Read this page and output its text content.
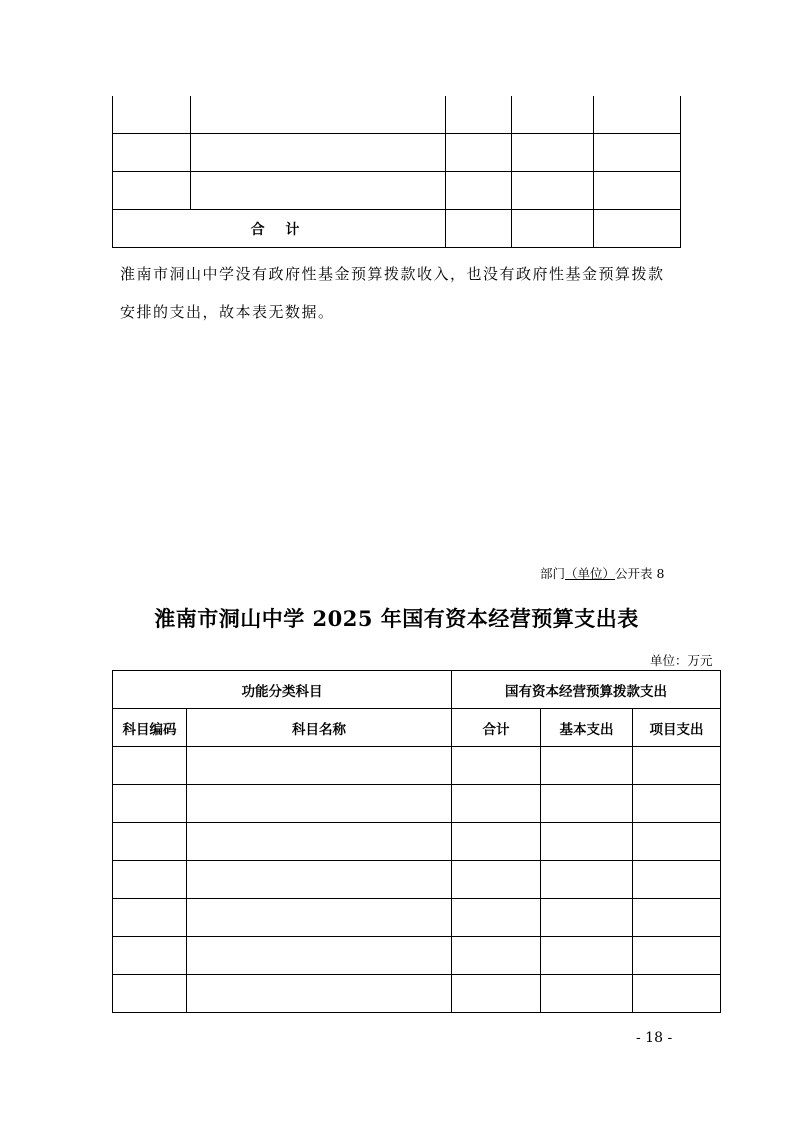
合 计				
淮南市洞山中学没有政府性基金预算拨款收入，也没有政府性基金预算拨款
安排的支出，故本表无数据。
部门（单位）公开表 8
淮南市洞山中学 2025 年国有资本经营预算支出表
单位：万元
功能分类科目		国有资本经营预算拨款支出		
科目编码	科目名称	合计	基本支出	项目支出

- 18 -
